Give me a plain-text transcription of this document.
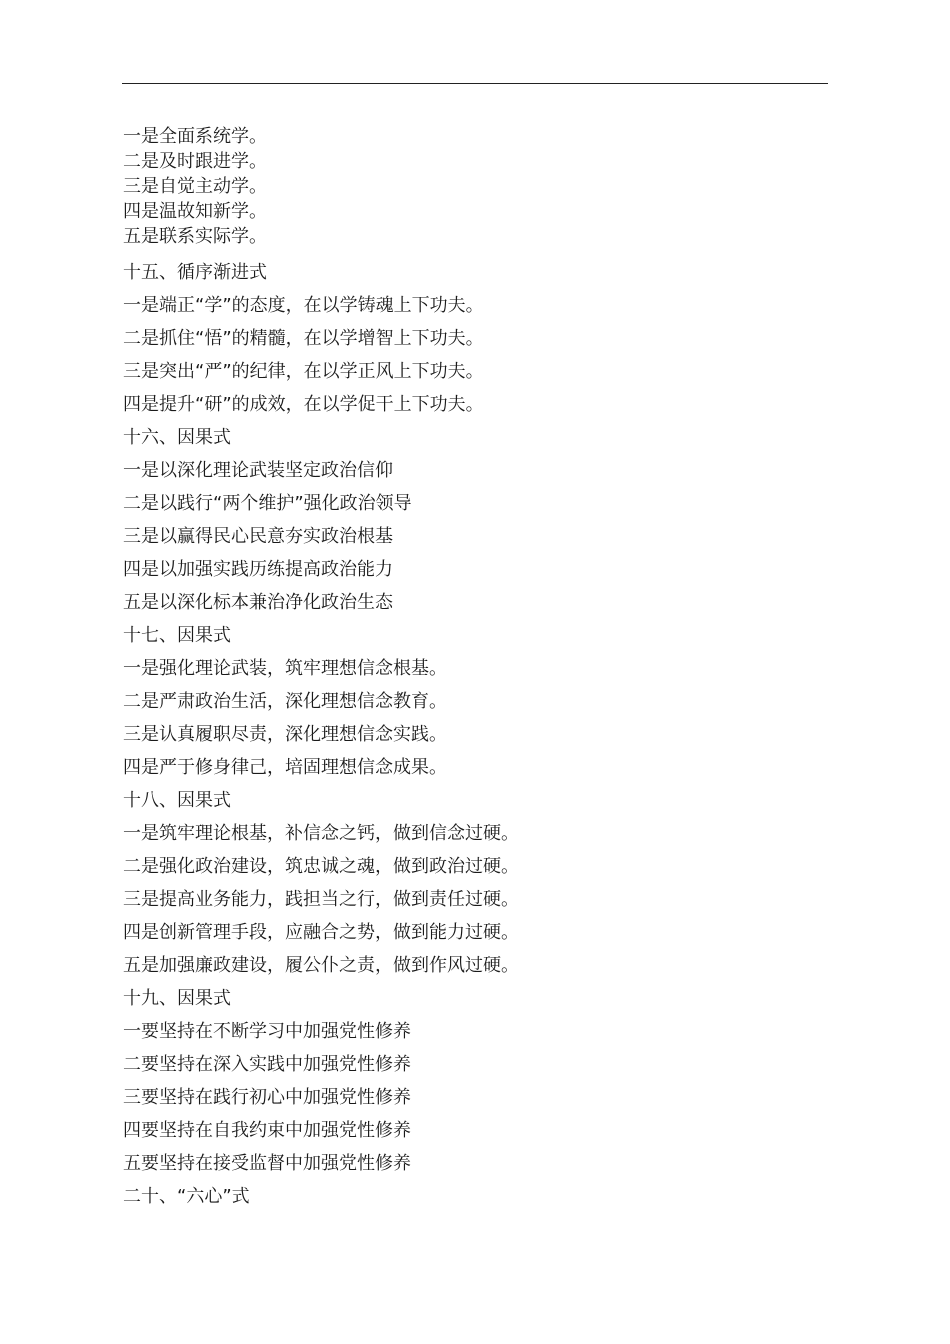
一是全面系统学。
二是及时跟进学。
三是自觉主动学。
四是温故知新学。
五是联系实际学。
十五、循序渐进式
一是端正“学”的态度，在以学铸魂上下功夫。
二是抓住“悟”的精髓，在以学增智上下功夫。
三是突出“严”的纪律，在以学正风上下功夫。
四是提升“研”的成效，在以学促干上下功夫。
十六、因果式
一是以深化理论武装坚定政治信仰
二是以践行“两个维护”强化政治领导
三是以赢得民心民意夯实政治根基
四是以加强实践历练提高政治能力
五是以深化标本兼治净化政治生态
十七、因果式
一是强化理论武装，筑牢理想信念根基。
二是严肃政治生活，深化理想信念教育。
三是认真履职尽责，深化理想信念实践。
四是严于修身律己，培固理想信念成果。
十八、因果式
一是筑牢理论根基，补信念之钙，做到信念过硬。
二是强化政治建设，筑忠诚之魂，做到政治过硬。
三是提高业务能力，践担当之行，做到责任过硬。
四是创新管理手段，应融合之势，做到能力过硬。
五是加强廉政建设，履公仆之责，做到作风过硬。
十九、因果式
一要坚持在不断学习中加强党性修养
二要坚持在深入实践中加强党性修养
三要坚持在践行初心中加强党性修养
四要坚持在自我约束中加强党性修养
五要坚持在接受监督中加强党性修养
二十、“六心”式
